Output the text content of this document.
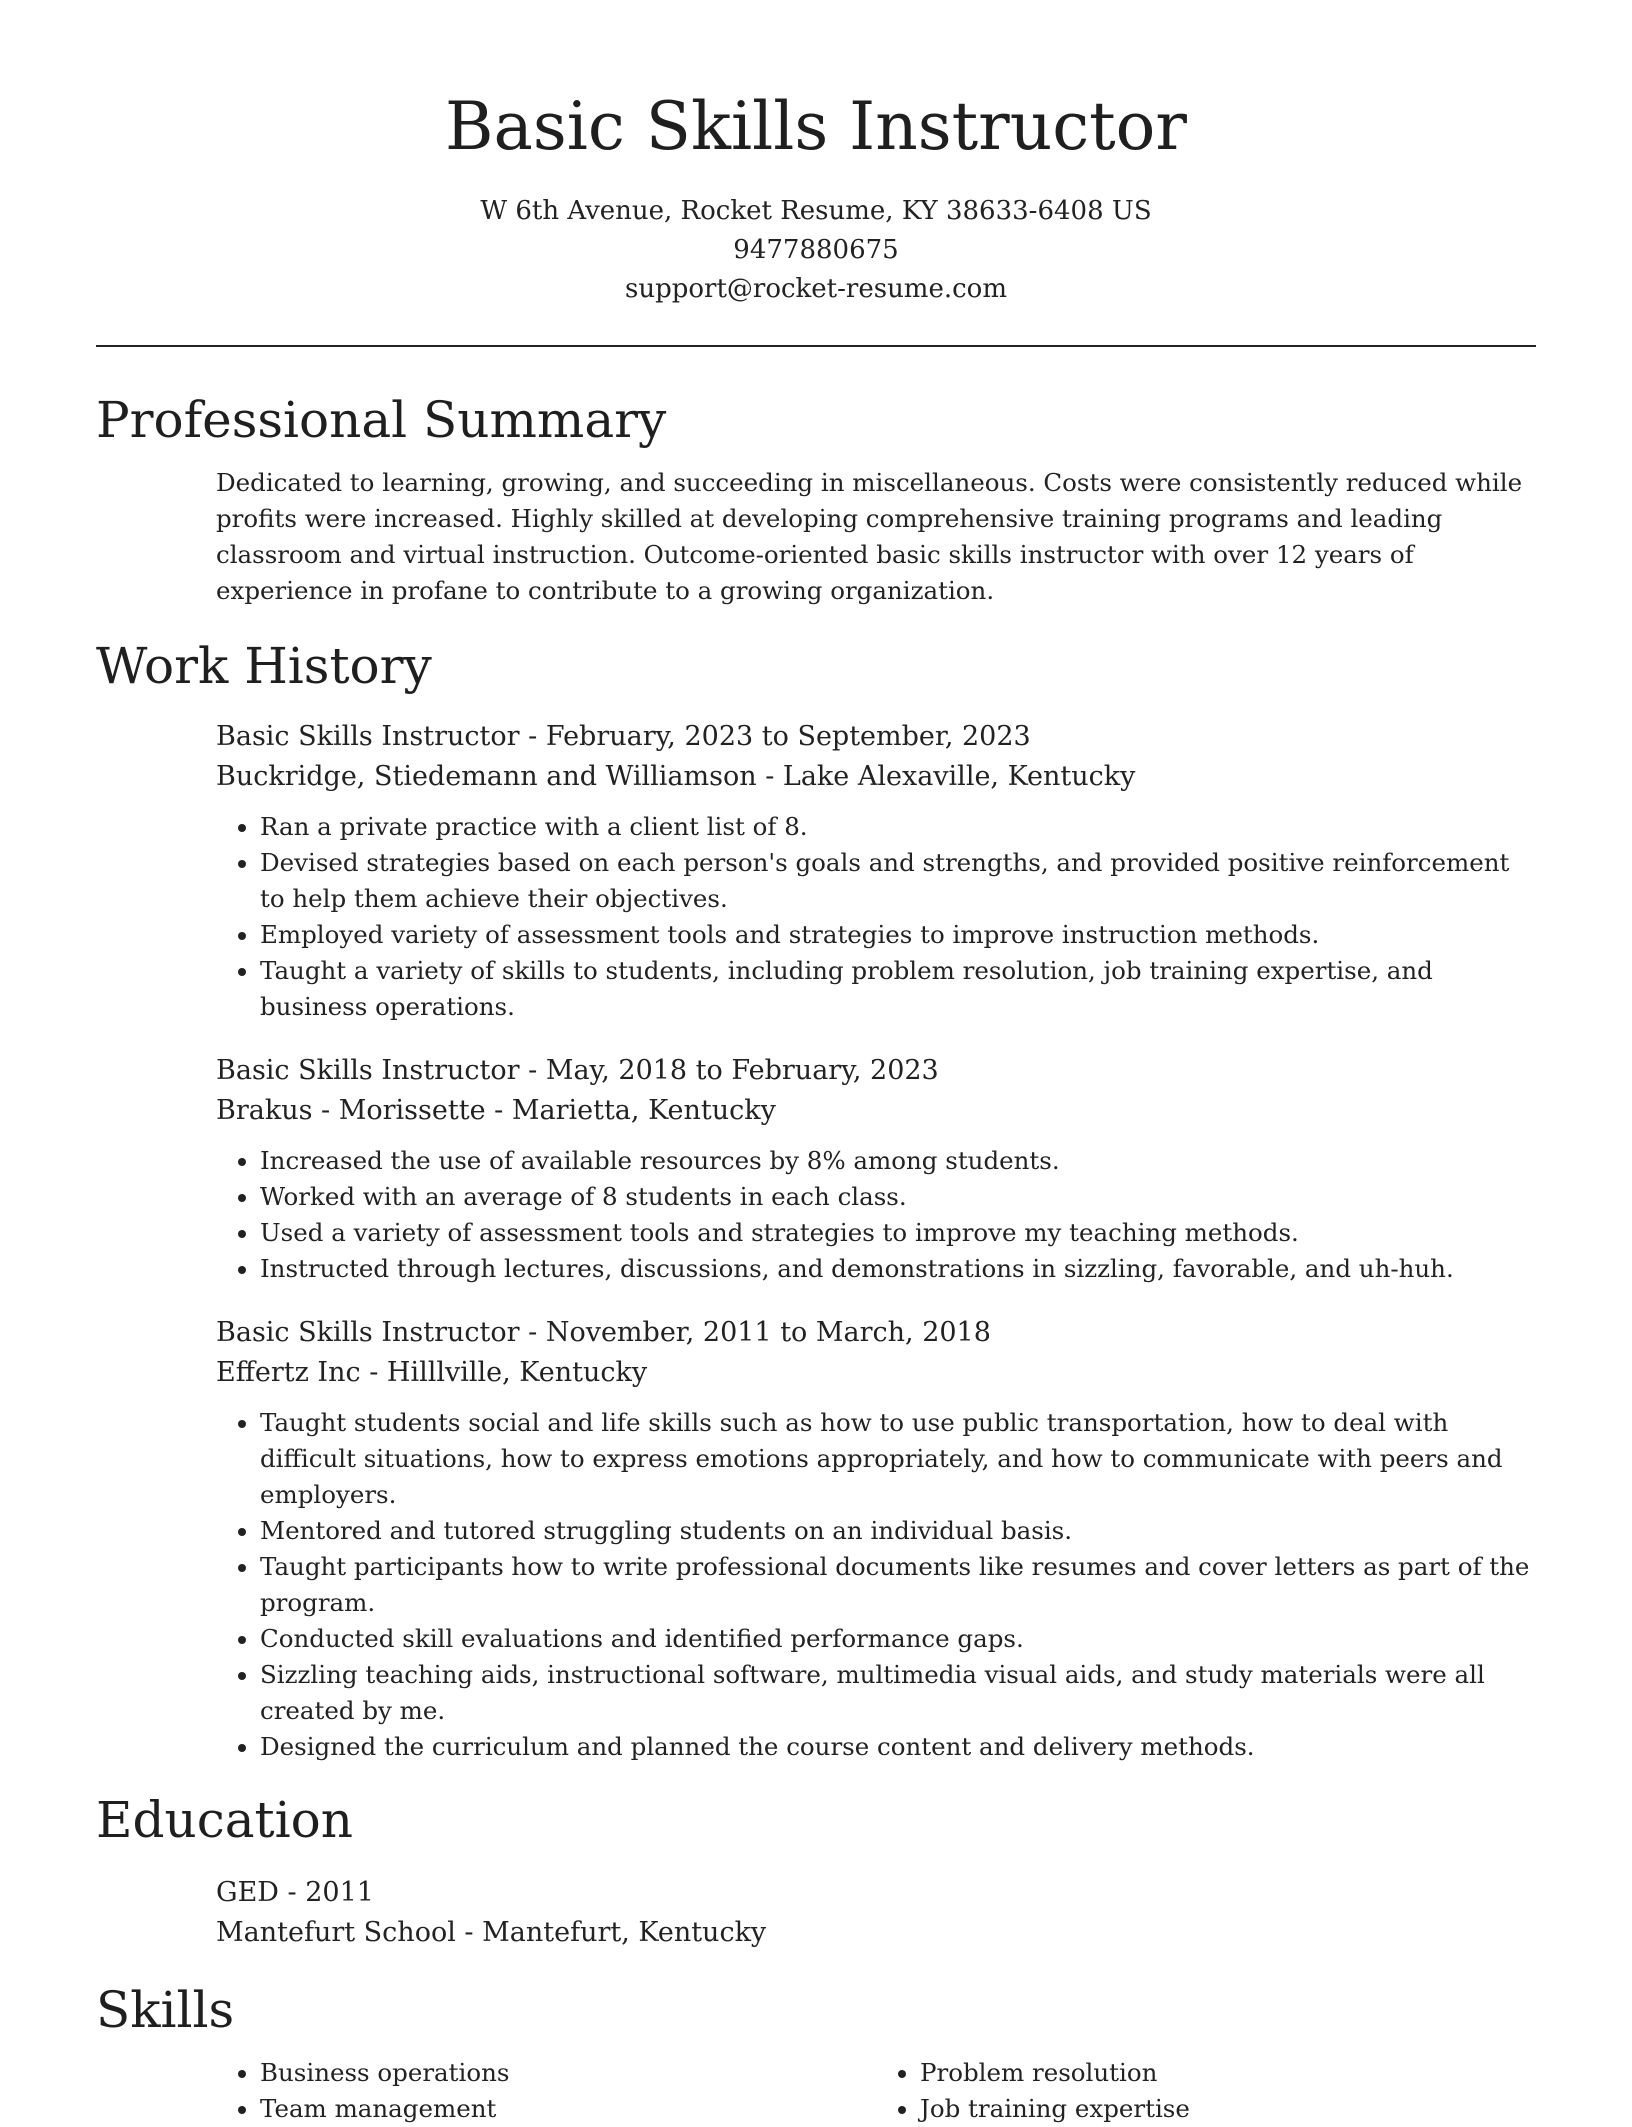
Basic Skills Instructor
W 6th Avenue, Rocket Resume, KY 38633-6408 US
9477880675
support@rocket-resume.com
Professional Summary

Dedicated to learning, growing, and succeeding in miscellaneous. Costs were consistently reduced while profits were increased. Highly skilled at developing comprehensive training programs and leading classroom and virtual instruction. Outcome-oriented basic skills instructor with over 12 years of experience in profane to contribute to a growing organization.

Work History
Basic Skills Instructor - February, 2023 to September, 2023
Buckridge, Stiedemann and Williamson - Lake Alexaville, Kentucky
• Ran a private practice with a client list of 8.
• Devised strategies based on each person's goals and strengths, and provided positive reinforcement to help them achieve their objectives.
• Employed variety of assessment tools and strategies to improve instruction methods.
• Taught a variety of skills to students, including problem resolution, job training expertise, and business operations.
Basic Skills Instructor - May, 2018 to February, 2023
Brakus - Morissette - Marietta, Kentucky
• Increased the use of available resources by 8% among students.
• Worked with an average of 8 students in each class.
• Used a variety of assessment tools and strategies to improve my teaching methods.
• Instructed through lectures, discussions, and demonstrations in sizzling, favorable, and uh-huh.
Basic Skills Instructor - November, 2011 to March, 2018
Effertz Inc - Hilllville, Kentucky
• Taught students social and life skills such as how to use public transportation, how to deal with difficult situations, how to express emotions appropriately, and how to communicate with peers and employers.
• Mentored and tutored struggling students on an individual basis.
• Taught participants how to write professional documents like resumes and cover letters as part of the program.
• Conducted skill evaluations and identified performance gaps.
• Sizzling teaching aids, instructional software, multimedia visual aids, and study materials were all created by me.
• Designed the curriculum and planned the course content and delivery methods.
Education
GED - 2011
Mantefurt School - Mantefurt, Kentucky
Skills
• Business operations
• Team management
• Problem resolution
• Job training expertise
